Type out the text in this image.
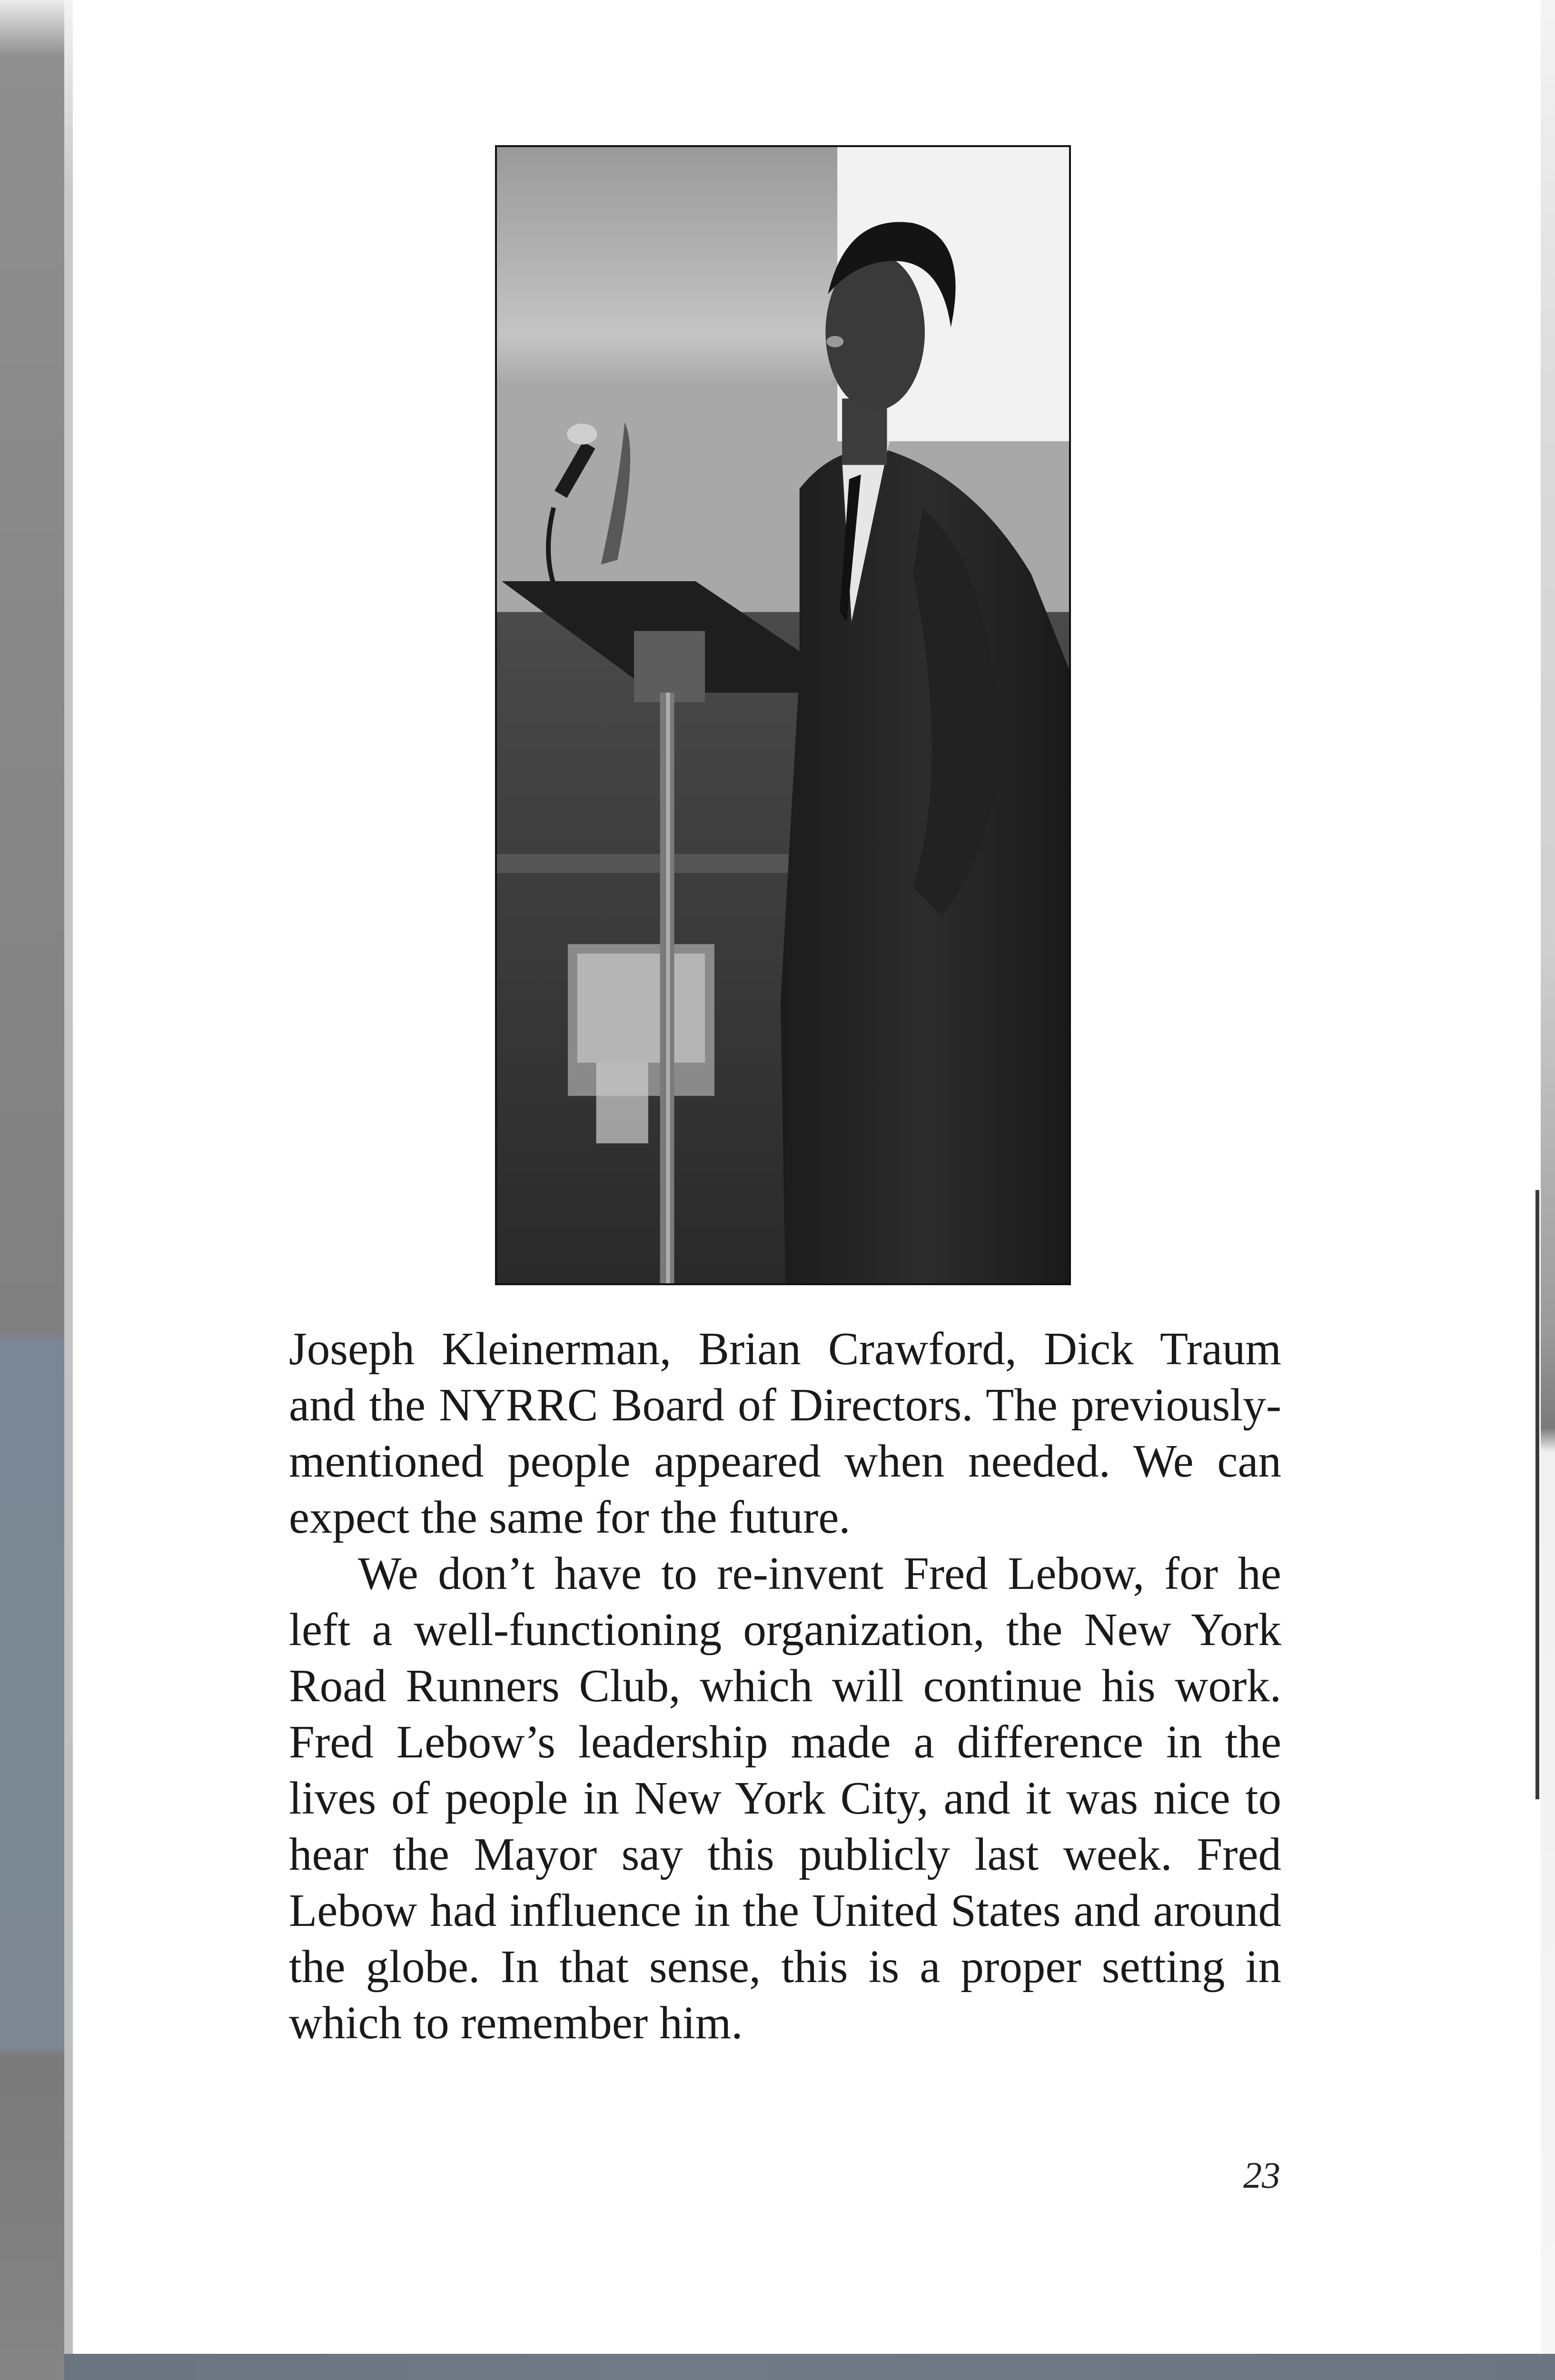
Joseph Kleinerman, Brian Crawford, Dick Traum and the NYRRC Board of Directors. The previously-mentioned people appeared when needed. We can expect the same for the future.

We don’t have to re-invent Fred Lebow, for he left a well-functioning organization, the New York Road Runners Club, which will continue his work. Fred Lebow’s leadership made a difference in the lives of people in New York City, and it was nice to hear the Mayor say this publicly last week. Fred Lebow had influence in the United States and around the globe. In that sense, this is a proper setting in which to remember him.

23
